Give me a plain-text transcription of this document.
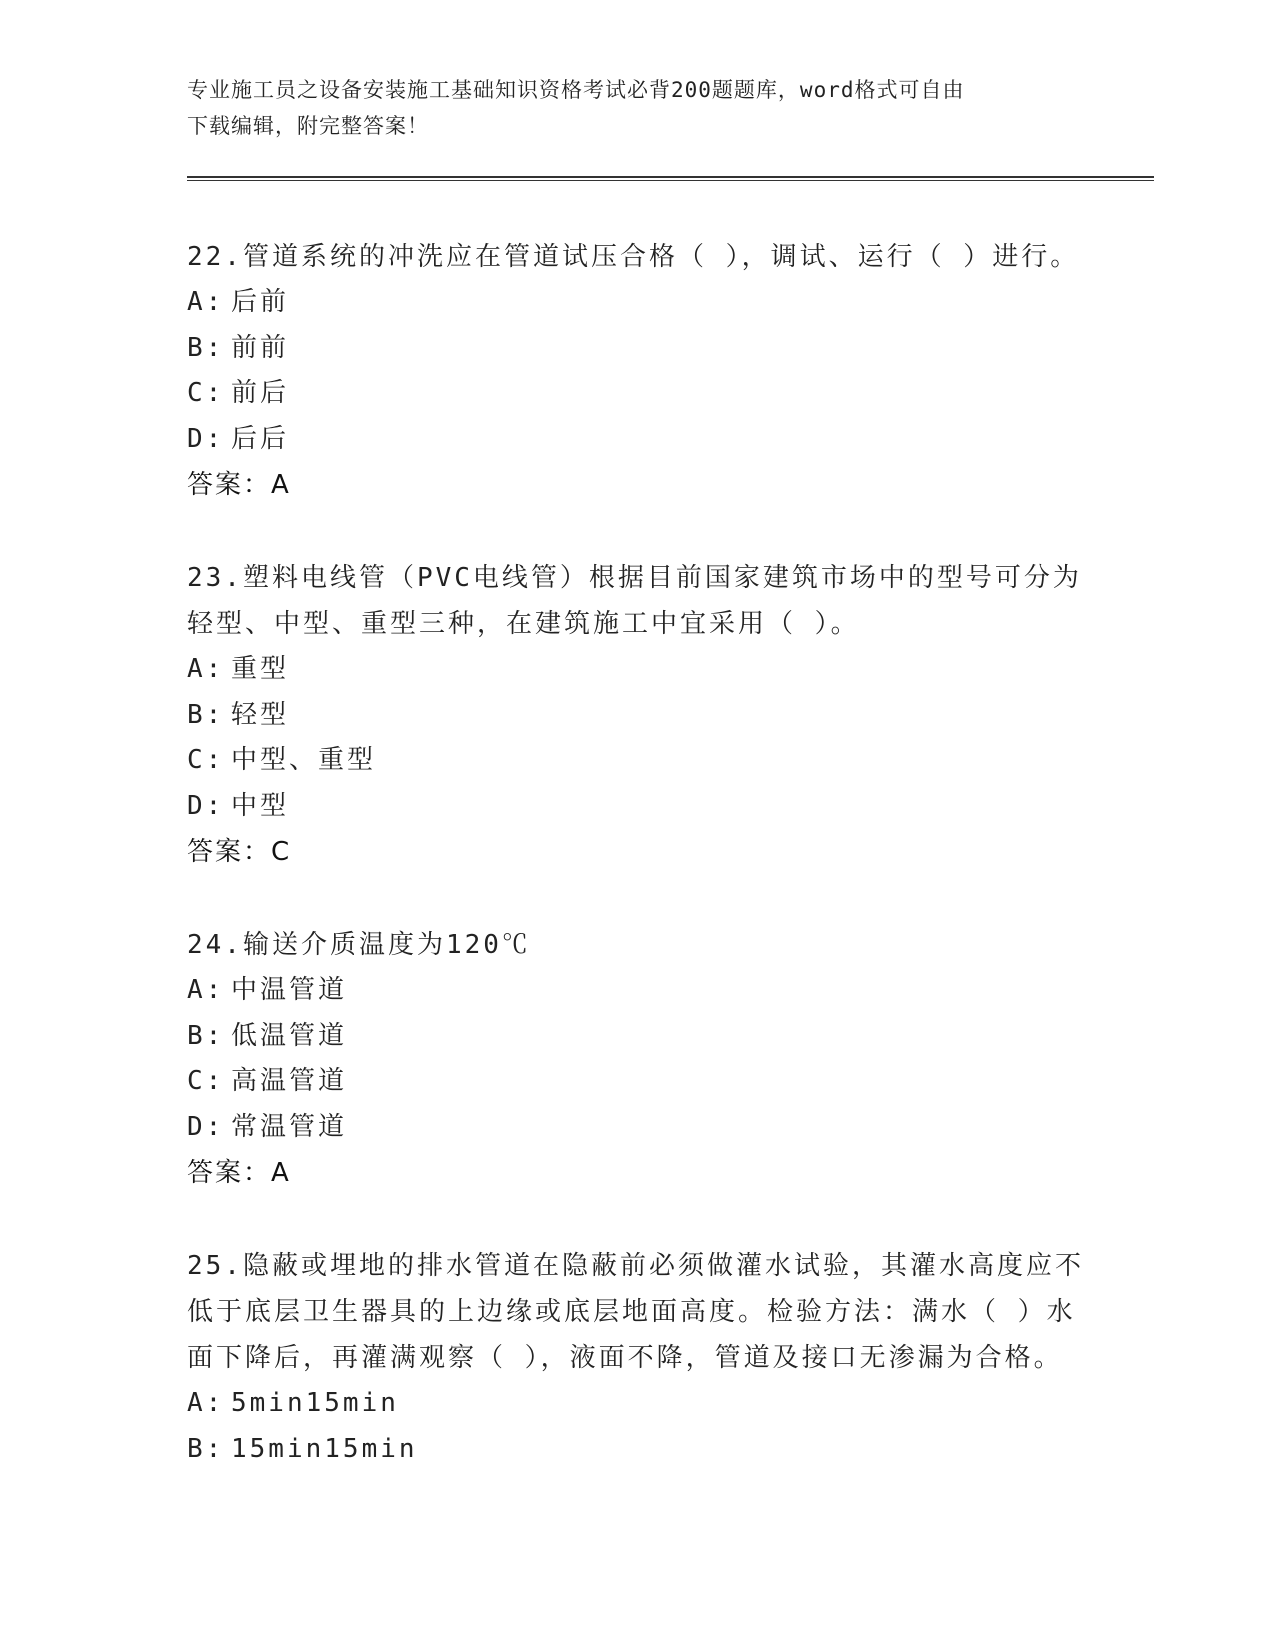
专业施工员之设备安装施工基础知识资格考试必背200题题库，word格式可自由
下载编辑，附完整答案！
22.管道系统的冲洗应在管道试压合格（ ），调试、运行（ ）进行。
A: 后前
B: 前前
C: 前后
D: 后后
答案：A
23.塑料电线管（PVC电线管）根据目前国家建筑市场中的型号可分为轻型、中型、重型三种，在建筑施工中宜采用（ ）。
A: 重型
B: 轻型
C: 中型、重型
D: 中型
答案：C
24.输送介质温度为120℃
A: 中温管道
B: 低温管道
C: 高温管道
D: 常温管道
答案：A
25.隐蔽或埋地的排水管道在隐蔽前必须做灌水试验，其灌水高度应不低于底层卫生器具的上边缘或底层地面高度。检验方法：满水（ ）水面下降后，再灌满观察（ ），液面不降，管道及接口无渗漏为合格。
A: 5min15min
B: 15min15min
